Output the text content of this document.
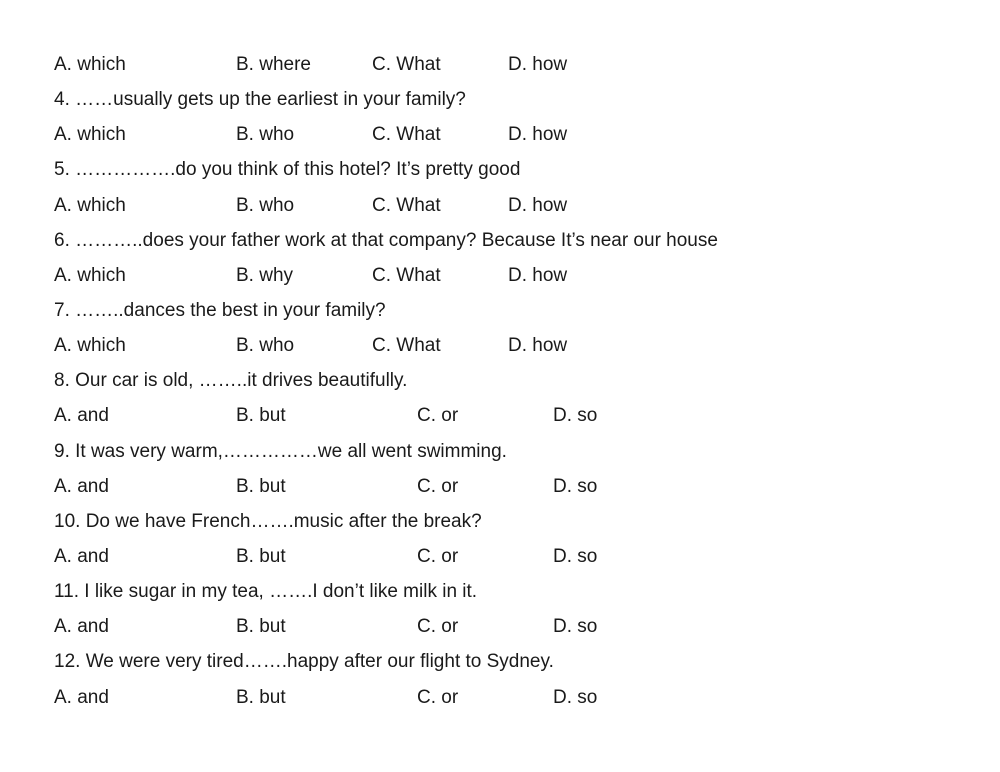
A. which	B. where	C. What	D. how
4. ……usually gets up the earliest in your family?
A. which	B. who	C. What	D. how
5. …………….do you think of this hotel? It’s pretty good
A. which	B. who	C. What	D. how
6. ………..does your father work at that company? Because It’s near our house
A. which	B. why	C. What	D. how
7. ……..dances the best in your family?
A. which	B. who	C. What	D. how
8. Our car is old, ……..it drives beautifully.
A. and	B. but	C. or	D. so
9. It was very warm,……………we all went swimming.
A. and	B. but	C. or	D. so
10. Do we have French…….music after the break?
A. and	B. but	C. or	D. so
11. I like sugar in my tea, …….I don’t like milk in it.
A. and	B. but	C. or	D. so
12. We were very tired…….happy after our flight to Sydney.
A. and	B. but	C. or	D. so
